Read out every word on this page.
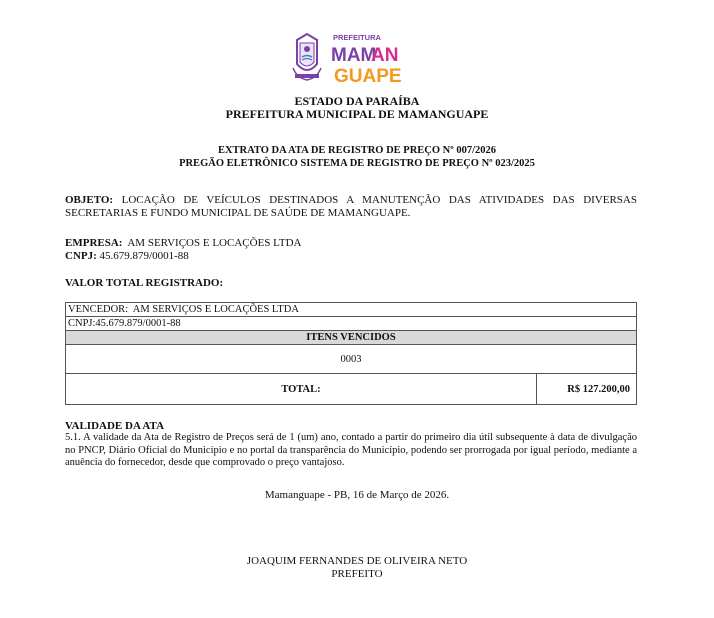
PREFEITURA
MAM
AN
GUAPE
ESTADO DA PARAÍBA
PREFEITURA MUNICIPAL DE MAMANGUAPE
EXTRATO DA ATA DE REGISTRO DE PREÇO Nº 007/2026
PREGÃO ELETRÔNICO SISTEMA DE REGISTRO DE PREÇO Nº 023/2025
OBJETO: LOCAÇÃO DE VEÍCULOS DESTINADOS A MANUTENÇÃO DAS ATIVIDADES DAS DIVERSAS SECRETARIAS E FUNDO MUNICIPAL DE SAÚDE DE MAMANGUAPE.
EMPRESA:  AM SERVIÇOS E LOCAÇÕES LTDA
CNPJ: 45.679.879/0001-88
VALOR TOTAL REGISTRADO:
VENCEDOR:  AM SERVIÇOS E LOCAÇÕES LTDA
CNPJ:45.679.879/0001-88
ITENS VENCIDOS
0003
TOTAL:	R$ 127.200,00
VALIDADE DA ATA
5.1. A validade da Ata de Registro de Preços será de 1 (um) ano, contado a partir do primeiro dia útil subsequente à data de divulgação no PNCP, Diário Oficial do Município e no portal da transparência do Município, podendo ser prorrogada por igual período, mediante a anuência do fornecedor, desde que comprovado o preço vantajoso.
Mamanguape - PB, 16 de Março de 2026.
JOAQUIM FERNANDES DE OLIVEIRA NETO
PREFEITO
